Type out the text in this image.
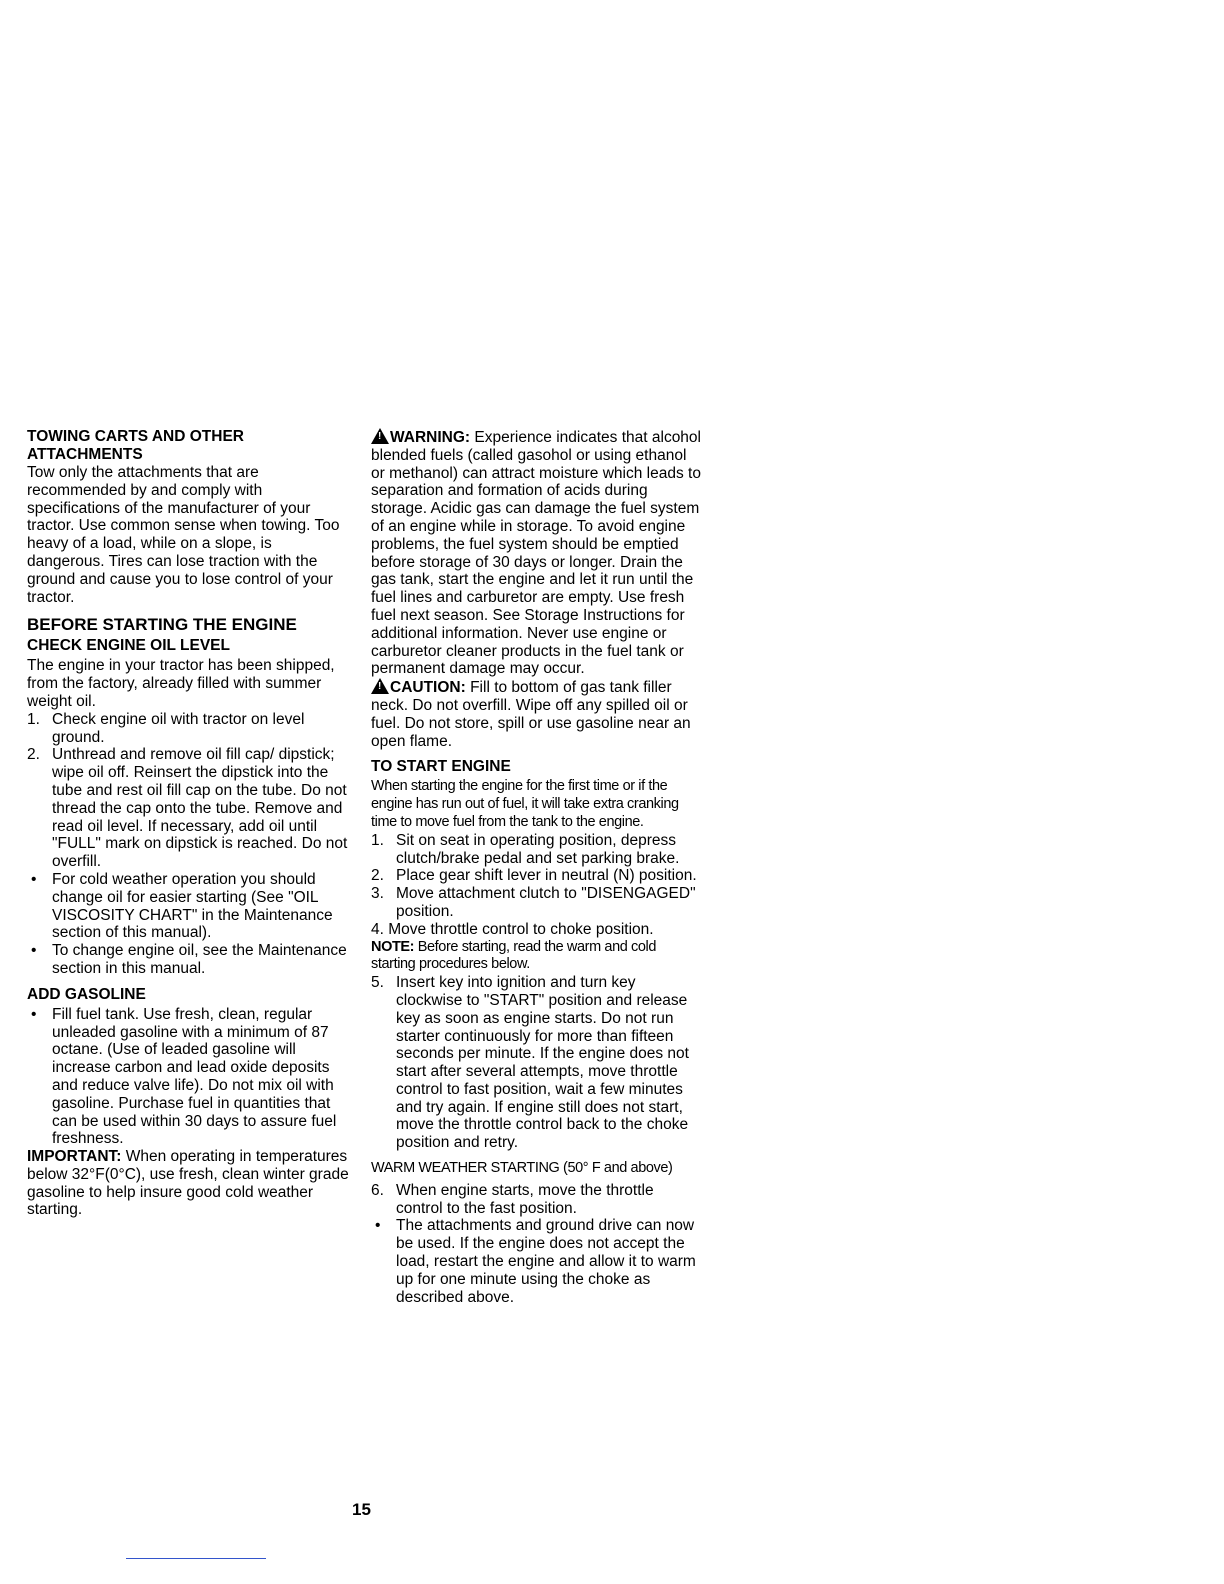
TOWING CARTS AND OTHER

ATTACHMENTS

Tow only the attachments that are recommended by and comply with specifications of the manufacturer of your tractor. Use common sense when towing. Too heavy of a load, while on a slope, is dangerous. Tires can lose traction with the ground and cause you to lose control of your tractor.

BEFORE STARTING THE ENGINE

CHECK ENGINE OIL LEVEL

The engine in your tractor has been shipped, from the factory, already filled with summer weight oil.

1. Check engine oil with tractor on level ground.
2. Unthread and remove oil fill cap/ dipstick; wipe oil off. Reinsert the dipstick into the tube and rest oil fill cap on the tube. Do not thread the cap onto the tube. Remove and read oil level. If necessary, add oil until "FULL" mark on dipstick is reached. Do not overfill.
•	For cold weather operation you should change oil for easier starting (See "OIL VISCOSITY CHART" in the Maintenance section of this manual).
•	To change engine oil, see the Maintenance section in this manual.

ADD GASOLINE

•	Fill fuel tank. Use fresh, clean, regular unleaded gasoline with a minimum of 87 octane. (Use of leaded gasoline will increase carbon and lead oxide deposits and reduce valve life). Do not mix oil with gasoline. Purchase fuel in quantities that can be used within 30 days to assure fuel freshness.

IMPORTANT: When operating in temperatures below 32°F(0°C), use fresh, clean winter grade gasoline to help insure good cold weather starting.

!WARNING: Experience indicates that alcohol blended fuels (called gasohol or using ethanol or methanol) can attract moisture which leads to separation and formation of acids during storage. Acidic gas can damage the fuel system of an engine while in storage. To avoid engine problems, the fuel system should be emptied before storage of 30 days or longer. Drain the gas tank, start the engine and let it run until the fuel lines and carburetor are empty. Use fresh fuel next season. See Storage Instructions for additional information. Never use engine or carburetor cleaner products in the fuel tank or permanent damage may occur.

!CAUTION: Fill to bottom of gas tank filler neck. Do not overfill. Wipe off any spilled oil or fuel. Do not store, spill or use gasoline near an open flame.

TO START ENGINE

When starting the engine for the first time or if the engine has run out of fuel, it will take extra cranking time to move fuel from the tank to the engine.

1. Sit on seat in operating position, depress clutch/brake pedal and set parking brake.
2. Place gear shift lever in neutral (N) position.
3. Move attachment clutch to "DISENGAGED" position.

4. Move throttle control to choke position.

NOTE: Before starting, read the warm and cold starting procedures below.

5. Insert key into ignition and turn key clockwise to "START" position and release key as soon as engine starts. Do not run starter continuously for more than fifteen seconds per minute. If the engine does not start after several attempts, move throttle control to fast position, wait a few minutes and try again. If engine still does not start, move the throttle control back to the choke position and retry.

WARM WEATHER STARTING (50° F and above)

6. When engine starts, move the throttle control to the fast position.
•	The attachments and ground drive can now be used. If the engine does not accept the load, restart the engine and allow it to warm up for one minute using the choke as described above.
15
